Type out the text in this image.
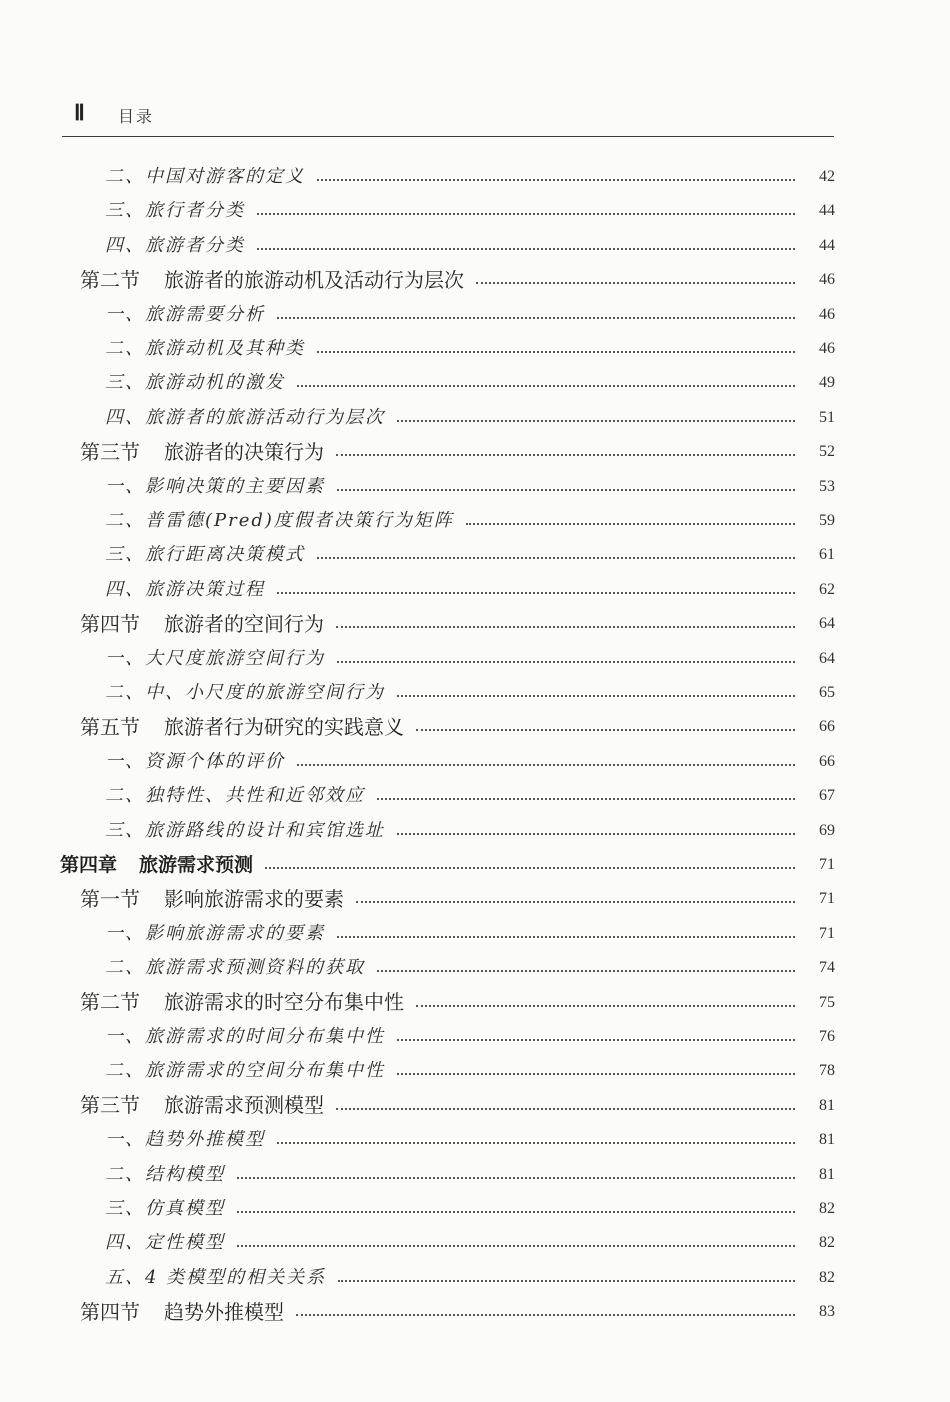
Ⅱ 目录
二、中国对游客的定义	42
三、旅行者分类	44
四、旅游者分类	44
第二节 旅游者的旅游动机及活动行为层次	46
一、旅游需要分析	46
二、旅游动机及其种类	46
三、旅游动机的激发	49
四、旅游者的旅游活动行为层次	51
第三节 旅游者的决策行为	52
一、影响决策的主要因素	53
二、普雷德(Pred)度假者决策行为矩阵	59
三、旅行距离决策模式	61
四、旅游决策过程	62
第四节 旅游者的空间行为	64
一、大尺度旅游空间行为	64
二、中、小尺度的旅游空间行为	65
第五节 旅游者行为研究的实践意义	66
一、资源个体的评价	66
二、独特性、共性和近邻效应	67
三、旅游路线的设计和宾馆选址	69
第四章 旅游需求预测	71
第一节 影响旅游需求的要素	71
一、影响旅游需求的要素	71
二、旅游需求预测资料的获取	74
第二节 旅游需求的时空分布集中性	75
一、旅游需求的时间分布集中性	76
二、旅游需求的空间分布集中性	78
第三节 旅游需求预测模型	81
一、趋势外推模型	81
二、结构模型	81
三、仿真模型	82
四、定性模型	82
五、4 类模型的相关关系	82
第四节 趋势外推模型	83
